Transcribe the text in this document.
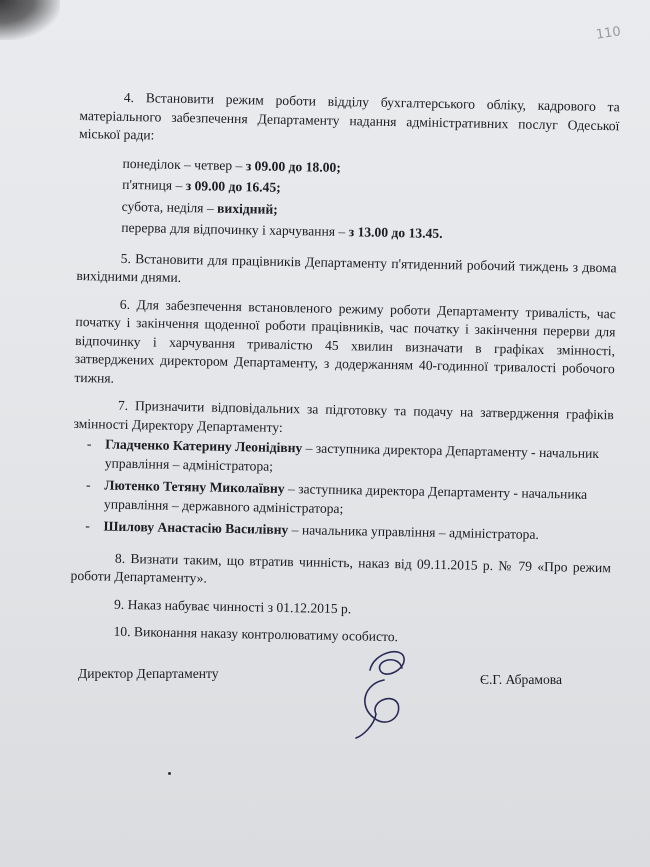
110

4. Встановити режим роботи відділу бухгалтерського обліку, кадрового та матеріального забезпечення Департаменту надання адміністративних послуг Одеської міської ради:

понеділок – четвер – з 09.00 до 18.00;
п'ятниця – з 09.00 до 16.45;
субота, неділя – вихідний;
перерва для відпочинку і харчування – з 13.00 до 13.45.

5. Встановити для працівників Департаменту п'ятиденний робочий тиждень з двома вихідними днями.

6. Для забезпечення встановленого режиму роботи Департаменту тривалість, час початку і закінчення щоденної роботи працівників, час початку і закінчення перерви для відпочинку і харчування тривалістю 45 хвилин визначати в графіках змінності, затверджених директором Департаменту, з додержанням 40-годинної тривалості робочого тижня.

7. Призначити відповідальних за підготовку та подачу на затвердження графіків змінності Директору Департаменту:

- Гладченко Катерину Леонідівну – заступника директора Департаменту - начальник управління – адміністратора;
- Лютенко Тетяну Миколаївну – заступника директора Департаменту - начальника управління – державного адміністратора;
- Шилову Анастасію Василівну – начальника управління – адміністратора.

8. Визнати таким, що втратив чинність, наказ від 09.11.2015 р. № 79 «Про режим роботи Департаменту».

9. Наказ набуває чинності з 01.12.2015 р.

10. Виконання наказу контролюватиму особисто.

Директор Департаменту	Є.Г. Абрамова
